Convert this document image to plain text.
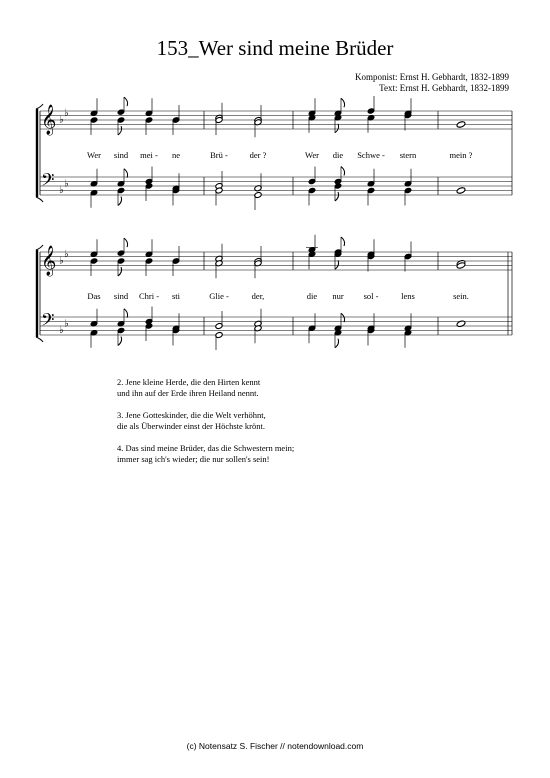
153_Wer sind meine Brüder
Komponist: Ernst H. Gebhardt, 1832-1899
Text: Ernst H. Gebhardt, 1832-1899
𝄞
𝄢
♭
♭
♭
♭
Wer sind mei - ne	Brü -	der ?	Wer die Schwe - stern	mein ?
𝄞
𝄢
♭
♭
♭
♭
Das sind Chri - sti	Glie -	der,	die nur sol -	lens	sein.
2. Jene kleine Herde, die den Hirten kennt
und ihn auf der Erde ihren Heiland nennt.
3. Jene Gotteskinder, die die Welt verhöhnt,
die als Überwinder einst der Höchste krönt.
4. Das sind meine Brüder, das die Schwestern mein;
immer sag ich's wieder; die nur sollen's sein!
(c) Notensatz S. Fischer // notendownload.com
